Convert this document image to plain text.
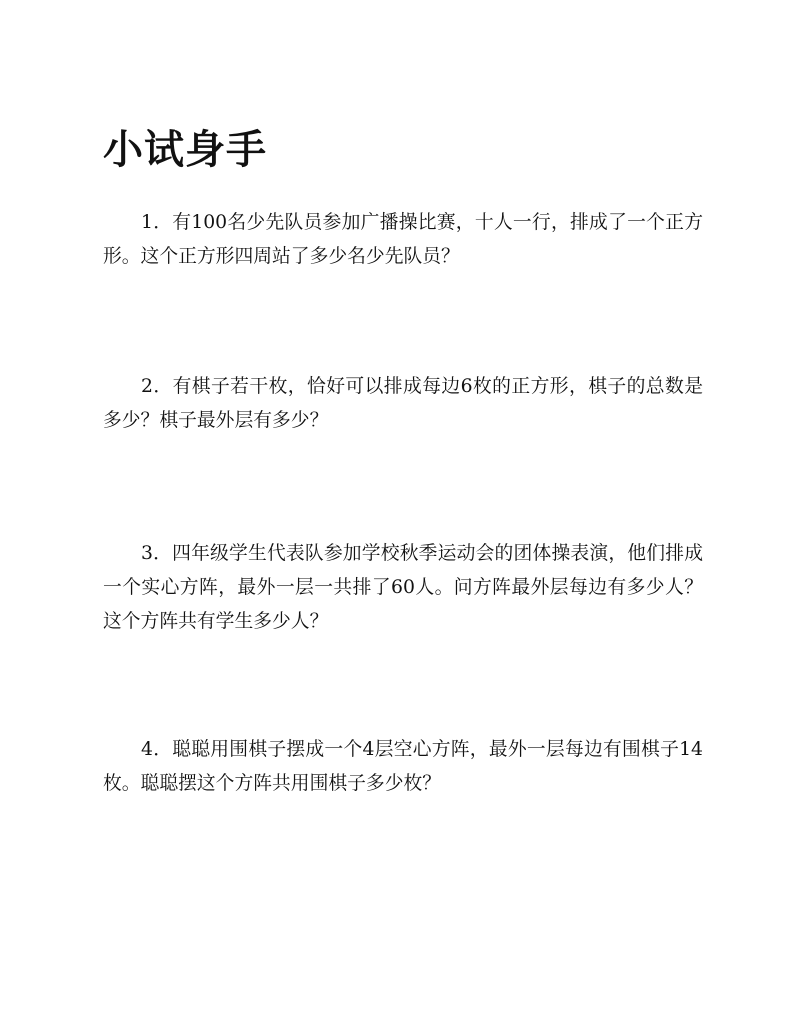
小试身手

1．有100名少先队员参加广播操比赛，十人一行，排成了一个正方形。这个正方形四周站了多少名少先队员？

2．有棋子若干枚，恰好可以排成每边6枚的正方形，棋子的总数是多少？棋子最外层有多少？

3．四年级学生代表队参加学校秋季运动会的团体操表演，他们排成一个实心方阵，最外一层一共排了60人。问方阵最外层每边有多少人？这个方阵共有学生多少人？

4．聪聪用围棋子摆成一个4层空心方阵，最外一层每边有围棋子14枚。聪聪摆这个方阵共用围棋子多少枚？
